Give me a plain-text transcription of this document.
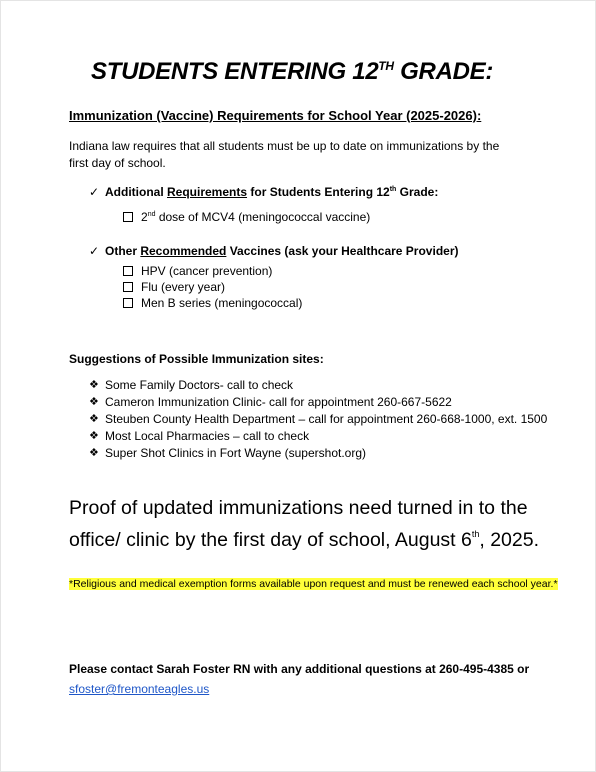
STUDENTS ENTERING 12TH GRADE:
Immunization (Vaccine) Requirements for School Year (2025-2026):
Indiana law requires that all students must be up to date on immunizations by the first day of school.
✓ Additional Requirements for Students Entering 12th Grade:
2nd dose of MCV4 (meningococcal vaccine)
✓ Other Recommended Vaccines (ask your Healthcare Provider)
HPV (cancer prevention)
Flu (every year)
Men B series (meningococcal)
Suggestions of Possible Immunization sites:
❖ Some Family Doctors- call to check
❖ Cameron Immunization Clinic- call for appointment 260-667-5622
❖ Steuben County Health Department – call for appointment 260-668-1000, ext. 1500
❖ Most Local Pharmacies – call to check
❖ Super Shot Clinics in Fort Wayne (supershot.org)
Proof of updated immunizations need turned in to the office/ clinic by the first day of school, August 6th, 2025.
*Religious and medical exemption forms available upon request and must be renewed each school year.*
Please contact Sarah Foster RN with any additional questions at 260-495-4385 or
sfoster@fremonteagles.us
